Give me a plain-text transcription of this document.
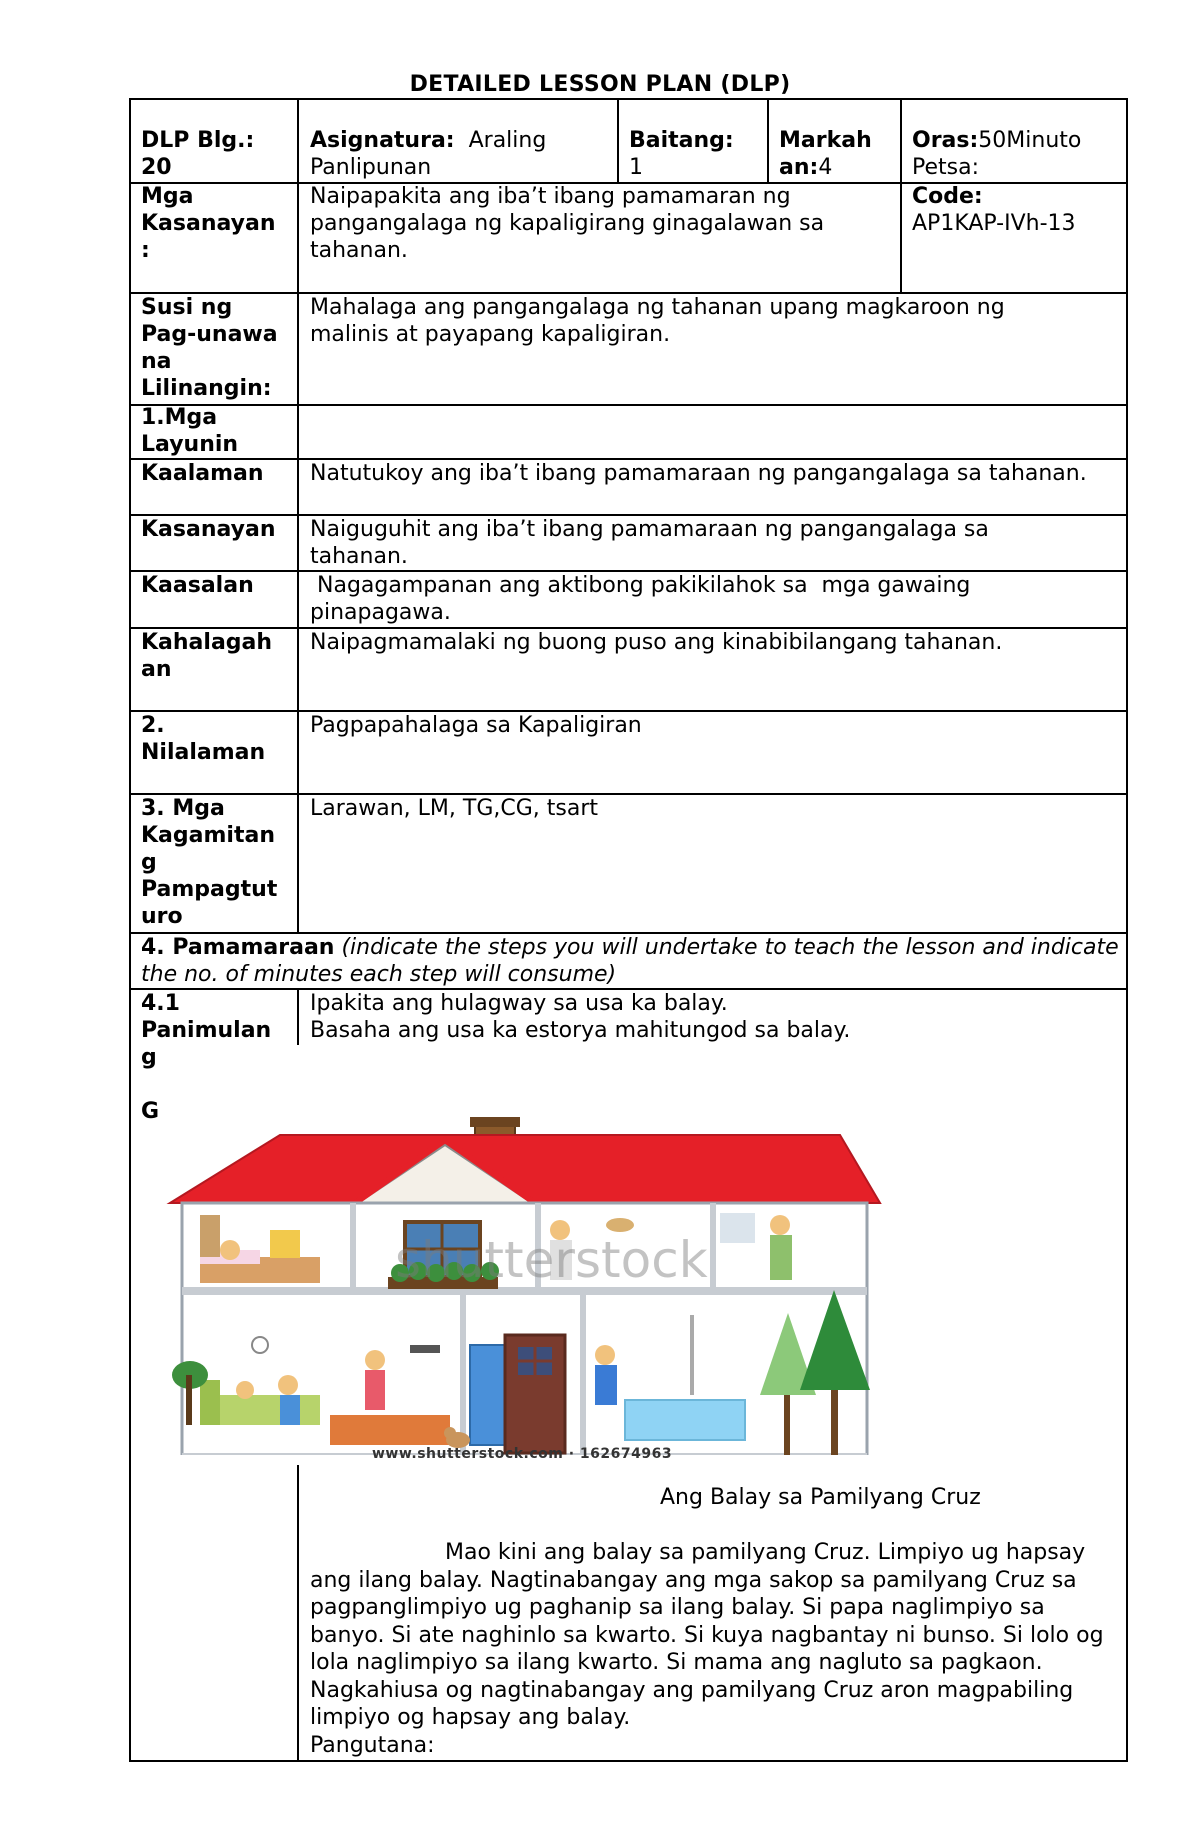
DETAILED LESSON PLAN (DLP)
DLP Blg.:
20
Asignatura: Araling
Panlipunan
Baitang:
1
Markah
an:4
Oras:50Minuto
Petsa:
Mga
Kasanayan
:
Naipapakita ang iba’t ibang pamamaran ng pangangalaga ng kapaligirang ginagalawan sa tahanan.
Code:
AP1KAP-IVh-13
Susi ng
Pag-unawa
na
Lilinangin:
Mahalaga ang pangangalaga ng tahanan upang magkaroon ng malinis at payapang kapaligiran.
1.Mga
Layunin
Kaalaman Natutukoy ang iba’t ibang pamamaraan ng pangangalaga sa tahanan.
Kasanayan Naiguguhit ang iba’t ibang pamamaraan ng pangangalaga sa tahanan.
Kaasalan	Nagagampanan ang aktibong pakikilahok sa  mga gawaing pinapagawa.
Kahalagah
an
Naipagmamalaki ng buong puso ang kinabibilangang tahanan.
2.
Nilalaman
Pagpapahalaga sa Kapaligiran
3. Mga
Kagamitan
g
Pampagtut
uro
Larawan, LM, TG,CG, tsart
4. Pamamaraan (indicate the steps you will undertake to teach the lesson and indicate the no. of minutes each step will consume)
4.1
Panimulan
g
G
Ipakita ang hulagway sa usa ka balay.
Basaha ang usa ka estorya mahitungod sa balay.
shutterstock
www.shutterstock.com · 162674963
Ang Balay sa Pamilyang Cruz

Mao kini ang balay sa pamilyang Cruz. Limpiyo ug hapsay ang ilang balay. Nagtinabangay ang mga sakop sa pamilyang Cruz sa pagpanglimpiyo ug paghanip sa ilang balay. Si papa naglimpiyo sa banyo. Si ate naghinlo sa kwarto. Si kuya nagbantay ni bunso. Si lolo og lola naglimpiyo sa ilang kwarto. Si mama ang nagluto sa pagkaon. Nagkahiusa og nagtinabangay ang pamilyang Cruz aron magpabiling limpiyo og hapsay ang balay.

Pangutana:
